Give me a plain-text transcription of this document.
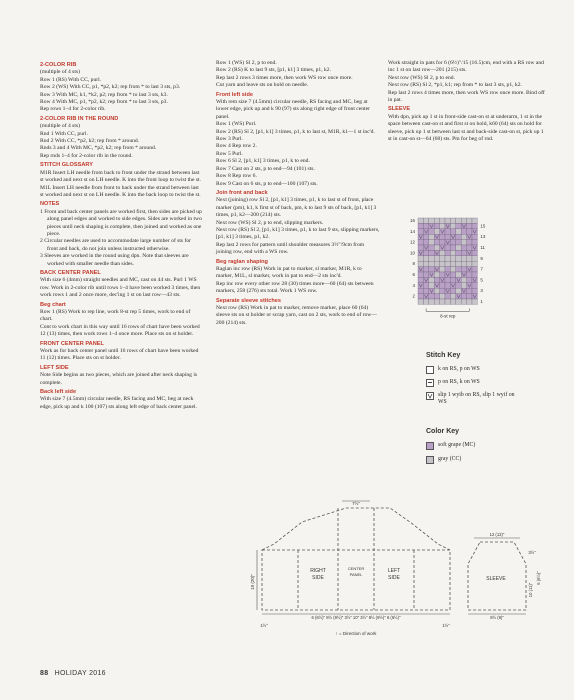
2-COLOR RIB
(multiple of 4 sts)
Row 1 (RS) With CC, purl.
Row 2 (WS) With CC, p1, *p2, k2; rep from * to last 3 sts, p3.
Row 3 With MC, k1, *k2, p2; rep from * to last 3 sts, k3.
Row 4 With MC, p1, *p2, k2; rep from * to last 3 sts, p3.
Rep rows 1–4 for 2-color rib.
2-COLOR RIB IN THE ROUND
(multiple of 4 sts)
Rnd 1 With CC, purl.
Rnd 2 With CC, *p2, k2; rep from * around.
Rnds 3 and 4 With MC, *p2, k2; rep from * around.
Rep rnds 1–4 for 2-color rib in the round.
STITCH GLOSSARY
M1R Insert LH needle from back to front under the strand between last st worked and next st on LH needle. K into the front loop to twist the st.
M1L Insert LH needle from front to back under the strand between last st worked and next st on LH needle. K into the back loop to twist the st.
NOTES
1 Front and back center panels are worked first, then sides are picked up along panel edges and worked to side edges. Sides are worked in two pieces until neck shaping is complete, then joined and worked as one piece.
2 Circular needles are used to accommodate large number of sts for front and back, do not join unless instructed otherwise.
3 Sleeves are worked in the round using dpn. Note that sleeves are worked with smaller needle than sides.
BACK CENTER PANEL
With size 6 (4mm) straight needles and MC, cast on 44 sts. Purl 1 WS row. Work in 2-color rib until rows 1–4 have been worked 3 times, then work rows 1 and 2 once more, dec'ing 1 st on last row—43 sts.
Beg chart
Row 1 (RS) Work to rep line, work 8-st rep 5 times, work to end of chart.
Cont to work chart in this way until 16 rows of chart have been worked 12 (13) times, then work rows 1–4 once more. Place sts on st holder.
FRONT CENTER PANEL
Work as for back center panel until 16 rows of chart have been worked 11 (12) times. Place sts on st holder.
LEFT SIDE
Note Side begins as two pieces, which are joined after neck shaping is complete.
Back left side
With size 7 (4.5mm) circular needle, RS facing and MC, beg at neck edge, pick up and k 100 (107) sts along left edge of back center panel.
Row 1 (WS) Sl 2, p to end.
Row 2 (RS) K to last 9 sts, [p1, k1] 3 times, p1, k2.
Rep last 2 rows 3 times more, then work WS row once more.
Cut yarn and leave sts on hold on needle.
Front left side
With rem size 7 (4.5mm) circular needle, RS facing and MC, beg at lower edge, pick up and k 90 (97) sts along right edge of front center panel.
Row 1 (WS) Purl.
Row 2 (RS) Sl 2, [p1, k1] 3 times, p1, k to last st, M1R, k1—1 st inc'd.
Row 3 Purl.
Row 4 Rep row 2.
Row 5 Purl.
Row 6 Sl 2, [p1, k1] 3 times, p1, k to end.
Row 7 Cast on 2 sts, p to end—94 (101) sts.
Row 8 Rep row 6.
Row 9 Cast on 6 sts, p to end—100 (107) sts.
Join front and back
Next (joining) row Sl 2, [p1, k1] 3 times, p1, k to last st of front, place marker (pm), k1, k first st of back, pm, k to last 9 sts of back, [p1, k1] 3 times, p1, k2—200 (214) sts.
Next row (WS) Sl 2, p to end, slipping markers.
Next row (RS) Sl 2, [p1, k1] 3 times, p1, k to last 9 sts, slipping markers, [p1, k1] 3 times, p1, k2.
Rep last 2 rows for pattern until shoulder measures 3½"/9cm from joining row, end with a WS row.
Beg raglan shaping
Raglan inc row (RS) Work in pat to marker, sl marker, M1R, k to marker, M1L, sl marker, work in pat to end—2 sts inc'd.
Rep inc row every other row 28 (30) times more—60 (64) sts between markers, 258 (276) sts total. Work 1 WS row.
Separate sleeve stitches
Next row (RS) Work in pat to marker, remove marker, place 60 (64) sleeve sts on st holder or scrap yarn, cast on 2 sts, work to end of row—200 (214) sts.
Work straight in pats for 6 (6½)"/15 (16.5)cm, end with a RS row and inc 1 st on last row—201 (215) sts.
Next row (WS) Sl 2, p to end.
Next row (RS) Sl 2, *p1, k1; rep from * to last 3 sts, p1, k2.
Rep last 2 rows 4 times more, then work WS row once more. Bind off in pat.
SLEEVE
With dpn, pick up 1 st in front-side cast-on st at underarm, 1 st in the space between cast-on st and first st on hold, k60 (64) sts on hold for sleeve, pick up 1 st between last st and back-side cast-on st, pick up 1 st in cast-on st—64 (68) sts. Pm for beg of rnd.
16
14
12
10
8
6
4
2
15
13
11
9
7
5
3
1
8-st rep
Stitch Key
k on RS, p on WS
p on RS, k on WS
slip 1 wyib on RS, slip 1 wyif on WS
Color Key
soft grape (MC)
gray (CC)
RIGHT
SIDE
CENTER
PANEL
LEFT
SIDE	SLEEVE
7½"
19 (20)"
6 (6½)" 8½ (9½)" 3½" 10" 3½" 8½ (9½)" 6 (6½)"
1½"	1½"
↑ = Direction of work
12 (13)"
3½"
10 (11)"
6 (6½)"
8½ (9)"
88 HOLIDAY 2016
